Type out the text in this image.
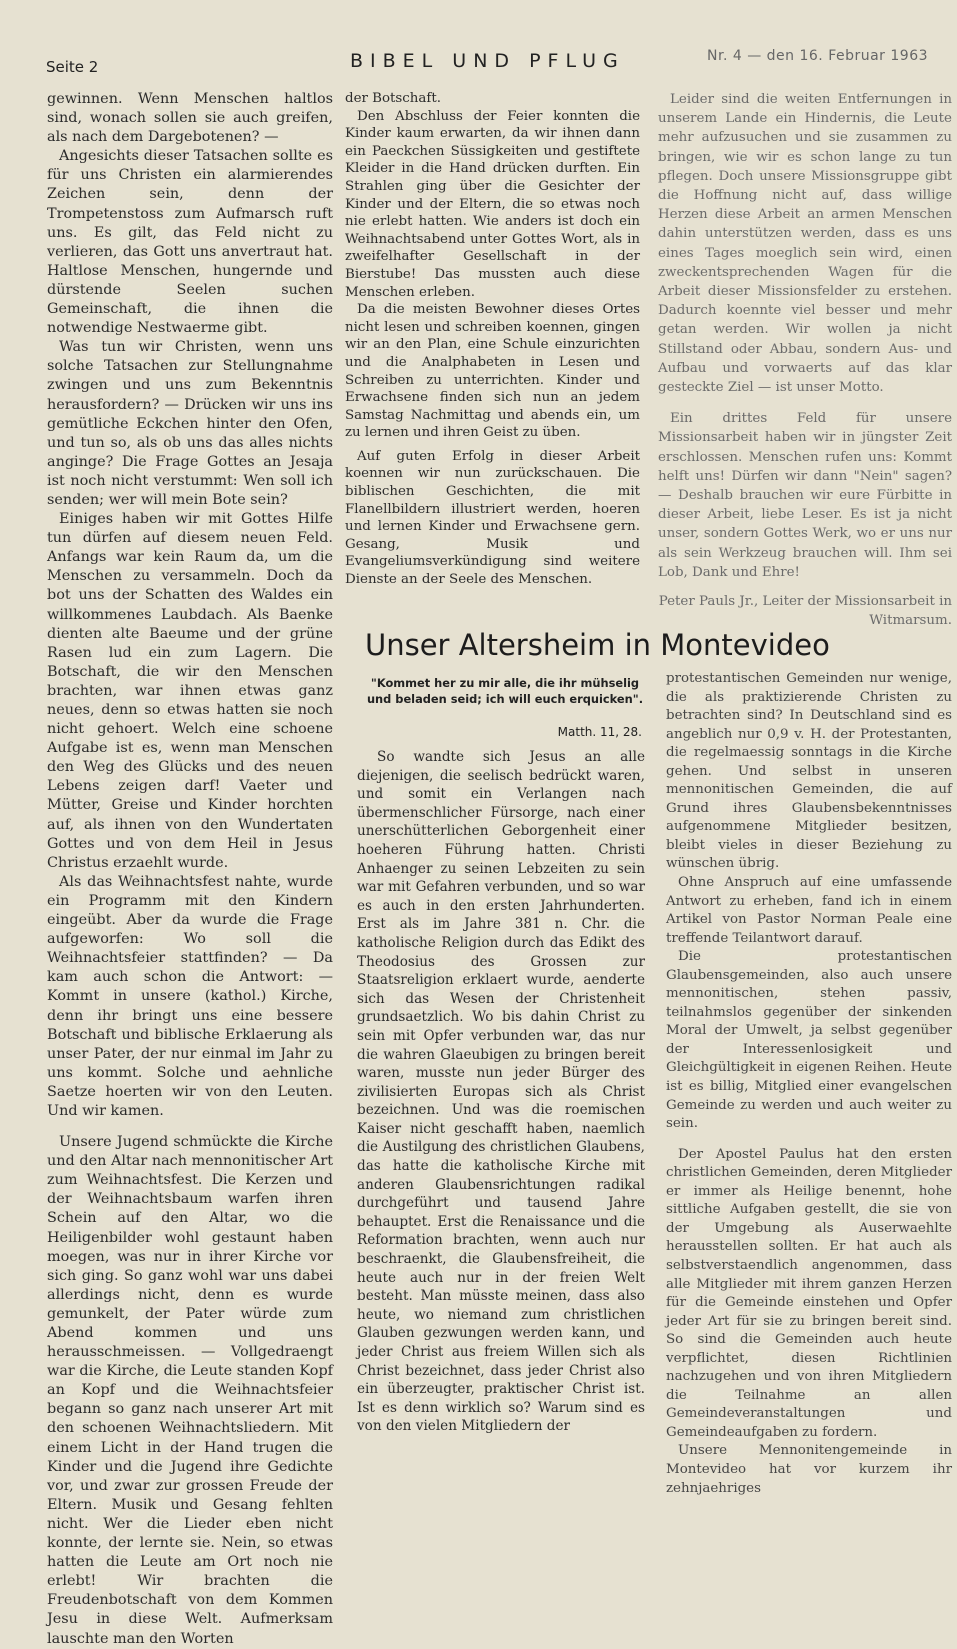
Seite 2	BIBEL UND PFLUG	Nr. 4 — den 16. Februar 1963

gewinnen. Wenn Menschen haltlos sind, wonach sollen sie auch greifen, als nach dem Dargebotenen? —

Angesichts dieser Tatsachen sollte es für uns Christen ein alarmierendes Zeichen sein, denn der Trompetenstoss zum Aufmarsch ruft uns. Es gilt, das Feld nicht zu verlieren, das Gott uns anvertraut hat. Haltlose Menschen, hungernde und dürstende Seelen suchen Gemeinschaft, die ihnen die notwendige Nestwaerme gibt.

Was tun wir Christen, wenn uns solche Tatsachen zur Stellungnahme zwingen und uns zum Bekenntnis herausfordern? — Drücken wir uns ins gemütliche Eckchen hinter den Ofen, und tun so, als ob uns das alles nichts anginge? Die Frage Gottes an Jesaja ist noch nicht verstummt: Wen soll ich senden; wer will mein Bote sein?

Einiges haben wir mit Gottes Hilfe tun dürfen auf diesem neuen Feld. Anfangs war kein Raum da, um die Menschen zu versammeln. Doch da bot uns der Schatten des Waldes ein willkommenes Laubdach. Als Baenke dienten alte Baeume und der grüne Rasen lud ein zum Lagern. Die Botschaft, die wir den Menschen brachten, war ihnen etwas ganz neues, denn so etwas hatten sie noch nicht gehoert. Welch eine schoene Aufgabe ist es, wenn man Menschen den Weg des Glücks und des neuen Lebens zeigen darf! Vaeter und Mütter, Greise und Kinder horchten auf, als ihnen von den Wundertaten Gottes und von dem Heil in Jesus Christus erzaehlt wurde.

Als das Weihnachtsfest nahte, wurde ein Programm mit den Kindern eingeübt. Aber da wurde die Frage aufgeworfen: Wo soll die Weihnachtsfeier stattfinden? — Da kam auch schon die Antwort: — Kommt in unsere (kathol.) Kirche, denn ihr bringt uns eine bessere Botschaft und biblische Erklaerung als unser Pater, der nur einmal im Jahr zu uns kommt. Solche und aehnliche Saetze hoerten wir von den Leuten. Und wir kamen.

Unsere Jugend schmückte die Kirche und den Altar nach mennonitischer Art zum Weihnachtsfest. Die Kerzen und der Weihnachtsbaum warfen ihren Schein auf den Altar, wo die Heiligenbilder wohl gestaunt haben moegen, was nur in ihrer Kirche vor sich ging. So ganz wohl war uns dabei allerdings nicht, denn es wurde gemunkelt, der Pater würde zum Abend kommen und uns herausschmeissen. — Vollgedraengt war die Kirche, die Leute standen Kopf an Kopf und die Weihnachtsfeier begann so ganz nach unserer Art mit den schoenen Weihnachtsliedern. Mit einem Licht in der Hand trugen die Kinder und die Jugend ihre Gedichte vor, und zwar zur grossen Freude der Eltern. Musik und Gesang fehlten nicht. Wer die Lieder eben nicht konnte, der lernte sie. Nein, so etwas hatten die Leute am Ort noch nie erlebt! Wir brachten die Freudenbotschaft von dem Kommen Jesu in diese Welt. Aufmerksam lauschte man den Worten

der Botschaft.

Den Abschluss der Feier konnten die Kinder kaum erwarten, da wir ihnen dann ein Paeckchen Süssigkeiten und gestiftete Kleider in die Hand drücken durften. Ein Strahlen ging über die Gesichter der Kinder und der Eltern, die so etwas noch nie erlebt hatten. Wie anders ist doch ein Weihnachtsabend unter Gottes Wort, als in zweifelhafter Gesellschaft in der Bierstube! Das mussten auch diese Menschen erleben.

Da die meisten Bewohner dieses Ortes nicht lesen und schreiben koennen, gingen wir an den Plan, eine Schule einzurichten und die Analphabeten in Lesen und Schreiben zu unterrichten. Kinder und Erwachsene finden sich nun an jedem Samstag Nachmittag und abends ein, um zu lernen und ihren Geist zu üben.

Auf guten Erfolg in dieser Arbeit koennen wir nun zurückschauen. Die biblischen Geschichten, die mit Flanellbildern illustriert werden, hoeren und lernen Kinder und Erwachsene gern. Gesang, Musik und Evangeliumsverkündigung sind weitere Dienste an der Seele des Menschen.

Leider sind die weiten Entfernungen in unserem Lande ein Hindernis, die Leute mehr aufzusuchen und sie zusammen zu bringen, wie wir es schon lange zu tun pflegen. Doch unsere Missionsgruppe gibt die Hoffnung nicht auf, dass willige Herzen diese Arbeit an armen Menschen dahin unterstützen werden, dass es uns eines Tages moeglich sein wird, einen zweckentsprechenden Wagen für die Arbeit dieser Missionsfelder zu erstehen. Dadurch koennte viel besser und mehr getan werden. Wir wollen ja nicht Stillstand oder Abbau, sondern Aus- und Aufbau und vorwaerts auf das klar gesteckte Ziel — ist unser Motto.

Ein drittes Feld für unsere Missionsarbeit haben wir in jüngster Zeit erschlossen. Menschen rufen uns: Kommt helft uns! Dürfen wir dann "Nein" sagen? — Deshalb brauchen wir eure Fürbitte in dieser Arbeit, liebe Leser. Es ist ja nicht unser, sondern Gottes Werk, wo er uns nur als sein Werkzeug brauchen will. Ihm sei Lob, Dank und Ehre!

Peter Pauls Jr., Leiter der Missionsarbeit in Witmarsum.

Unser Altersheim in Montevideo
"Kommet her zu mir alle, die ihr mühselig und beladen seid; ich will euch erquicken".
Matth. 11, 28.

So wandte sich Jesus an alle diejenigen, die seelisch bedrückt waren, und somit ein Verlangen nach übermenschlicher Fürsorge, nach einer unerschütterlichen Geborgenheit einer hoeheren Führung hatten. Christi Anhaenger zu seinen Lebzeiten zu sein war mit Gefahren verbunden, und so war es auch in den ersten Jahrhunderten. Erst als im Jahre 381 n. Chr. die katholische Religion durch das Edikt des Theodosius des Grossen zur Staatsreligion erklaert wurde, aenderte sich das Wesen der Christenheit grundsaetzlich. Wo bis dahin Christ zu sein mit Opfer verbunden war, das nur die wahren Glaeubigen zu bringen bereit waren, musste nun jeder Bürger des zivilisierten Europas sich als Christ bezeichnen. Und was die roemischen Kaiser nicht geschafft haben, naemlich die Austilgung des christlichen Glaubens, das hatte die katholische Kirche mit anderen Glaubensrichtungen radikal durchgeführt und tausend Jahre behauptet. Erst die Renaissance und die Reformation brachten, wenn auch nur beschraenkt, die Glaubensfreiheit, die heute auch nur in der freien Welt besteht. Man müsste meinen, dass also heute, wo niemand zum christlichen Glauben gezwungen werden kann, und jeder Christ aus freiem Willen sich als Christ bezeichnet, dass jeder Christ also ein überzeugter, praktischer Christ ist. Ist es denn wirklich so? Warum sind es von den vielen Mitgliedern der

protestantischen Gemeinden nur wenige, die als praktizierende Christen zu betrachten sind? In Deutschland sind es angeblich nur 0,9 v. H. der Protestanten, die regelmaessig sonntags in die Kirche gehen. Und selbst in unseren mennonitischen Gemeinden, die auf Grund ihres Glaubensbekenntnisses aufgenommene Mitglieder besitzen, bleibt vieles in dieser Beziehung zu wünschen übrig.

Ohne Anspruch auf eine umfassende Antwort zu erheben, fand ich in einem Artikel von Pastor Norman Peale eine treffende Teilantwort darauf.

Die protestantischen Glaubensgemeinden, also auch unsere mennonitischen, stehen passiv, teilnahmslos gegenüber der sinkenden Moral der Umwelt, ja selbst gegenüber der Interessenlosigkeit und Gleichgültigkeit in eigenen Reihen. Heute ist es billig, Mitglied einer evangelschen Gemeinde zu werden und auch weiter zu sein.

Der Apostel Paulus hat den ersten christlichen Gemeinden, deren Mitglieder er immer als Heilige benennt, hohe sittliche Aufgaben gestellt, die sie von der Umgebung als Auserwaehlte herausstellen sollten. Er hat auch als selbstverstaendlich angenommen, dass alle Mitglieder mit ihrem ganzen Herzen für die Gemeinde einstehen und Opfer jeder Art für sie zu bringen bereit sind. So sind die Gemeinden auch heute verpflichtet, diesen Richtlinien nachzugehen und von ihren Mitgliedern die Teilnahme an allen Gemeindeveranstaltungen und Gemeindeaufgaben zu fordern.

Unsere Mennonitengemeinde in Montevideo hat vor kurzem ihr zehnjaehriges
